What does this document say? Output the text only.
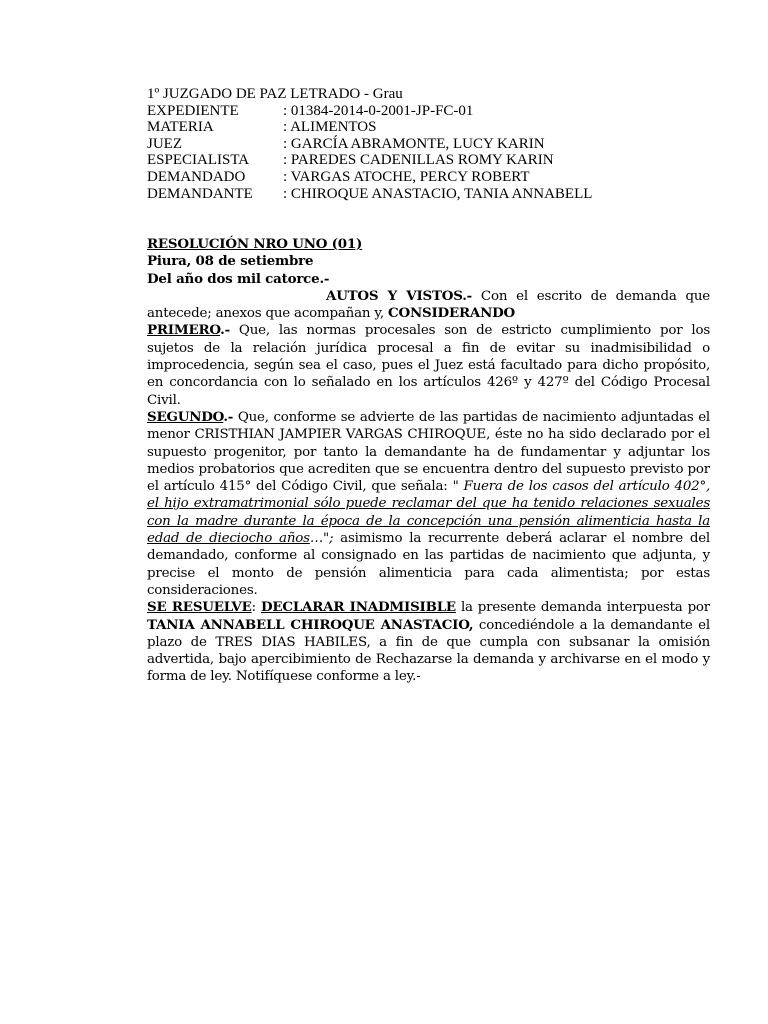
1º JUZGADO DE PAZ LETRADO - Grau
EXPEDIENTE	: 01384-2014-0-2001-JP-FC-01
MATERIA	: ALIMENTOS
JUEZ	: GARCÍA ABRAMONTE, LUCY KARIN
ESPECIALISTA	: PAREDES CADENILLAS ROMY KARIN
DEMANDADO	: VARGAS ATOCHE, PERCY ROBERT
DEMANDANTE	: CHIROQUE ANASTACIO, TANIA ANNABELL

RESOLUCIÓN NRO UNO (01)

Piura, 08 de setiembre

Del año dos mil catorce.-

AUTOS Y VISTOS.- Con el escrito de demanda que antecede; anexos que acompañan y, CONSIDERANDO

PRIMERO.- Que, las normas procesales son de estricto cumplimiento por los sujetos de la relación jurídica procesal a fin de evitar su inadmisibilidad o improcedencia, según sea el caso, pues el Juez está facultado para dicho propósito, en concordancia con lo señalado en los artículos 426º y 427º del Código Procesal Civil.

SEGUNDO.- Que, conforme se advierte de las partidas de nacimiento adjuntadas el menor CRISTHIAN JAMPIER VARGAS CHIROQUE, éste no ha sido declarado por el supuesto progenitor, por tanto la demandante ha de fundamentar y adjuntar los medios probatorios que acrediten que se encuentra dentro del supuesto previsto por el artículo 415° del Código Civil, que señala: " Fuera de los casos del artículo 402°, el hijo extramatrimonial sólo puede reclamar del que ha tenido relaciones sexuales con la madre durante la época de la concepción una pensión alimenticia hasta la edad de dieciocho años…"; asimismo la recurrente deberá aclarar el nombre del demandado, conforme al consignado en las partidas de nacimiento que adjunta, y precise el monto de pensión alimenticia para cada alimentista; por estas consideraciones.

SE RESUELVE: DECLARAR INADMISIBLE la presente demanda interpuesta por TANIA ANNABELL CHIROQUE ANASTACIO, concediéndole a la demandante el plazo de TRES DIAS HABILES, a fin de que cumpla con subsanar la omisión advertida, bajo apercibimiento de Rechazarse la demanda y archivarse en el modo y forma de ley. Notifíquese conforme a ley.-
